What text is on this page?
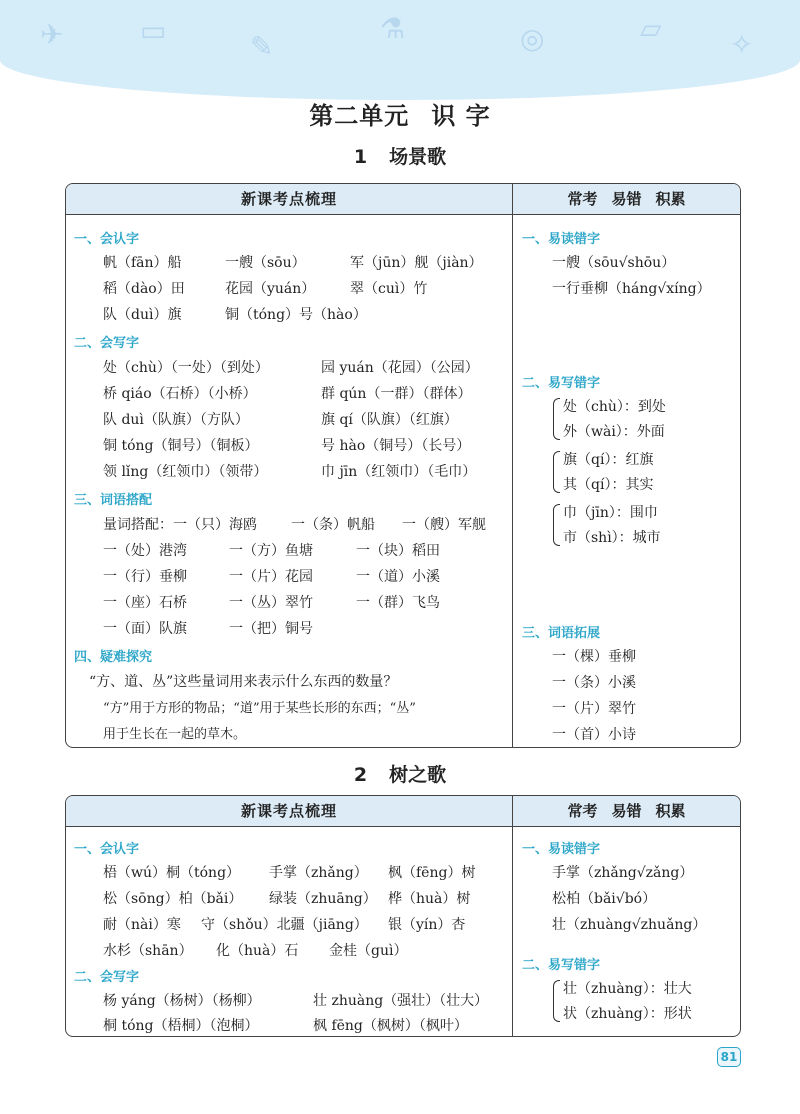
✈	▭	✎
⚗	◎	▱ ✧
第二单元 识 字
1 场景歌
新课考点梳理	常考 易错 积累
一、会认字
帆（fān）船	一艘（sōu）	军（jūn）舰（jiàn）
稻（dào）田	花园（yuán） 翠（cuì）竹
队（duì）旗	铜（tóng）号（hào）
二、会写字
处（chù）（一处）（到处）	园 yuán（花园）（公园）
桥 qiáo（石桥）（小桥）	群 qún（一群）（群体）
队 duì（队旗）（方队）	旗 qí（队旗）（红旗）
铜 tóng（铜号）（铜板）	号 hào（铜号）（长号）
领 lǐng（红领巾）（领带）	巾 jīn（红领巾）（毛巾）
三、词语搭配
量词搭配：一（只）海鸥 一（条）帆船 一（艘）军舰
一（处）港湾	一（方）鱼塘	一（块）稻田
一（行）垂柳	一（片）花园	一（道）小溪
一（座）石桥	一（丛）翠竹	一（群）飞鸟
一（面）队旗	一（把）铜号
四、疑难探究
“方、道、丛”这些量词用来表示什么东西的数量？
“方”用于方形的物品；“道”用于某些长形的东西；“丛”
用于生长在一起的草木。
一、易读错字
一艘（sōu√shōu）
一行垂柳（háng√xíng）
二、易写错字
处（chù）：到处
外（wài）：外面
旗（qí）：红旗
其（qí）：其实
巾（jīn）：围巾
市（shì）：城市
三、词语拓展
一（棵）垂柳
一（条）小溪
一（片）翠竹
一（首）小诗
2 树之歌
新课考点梳理	常考 易错 积累
一、会认字
梧（wú）桐（tóng） 手掌（zhǎng） 枫（fēng）树
松（sōng）柏（bǎi） 绿装（zhuāng） 桦（huà）树
耐（nài）寒 守（shǒu）北疆（jiāng） 银（yín）杏
水杉（shān） 化（huà）石 金桂（guì）
二、会写字
杨 yáng（杨树）（杨柳）	壮 zhuàng（强壮）（壮大）
桐 tóng（梧桐）（泡桐）	枫 fēng（枫树）（枫叶）
一、易读错字
手掌（zhǎng√zǎng）
松柏（bǎi√bó）
壮（zhuàng√zhuǎng）
二、易写错字
壮（zhuàng）：壮大
状（zhuàng）：形状
81
